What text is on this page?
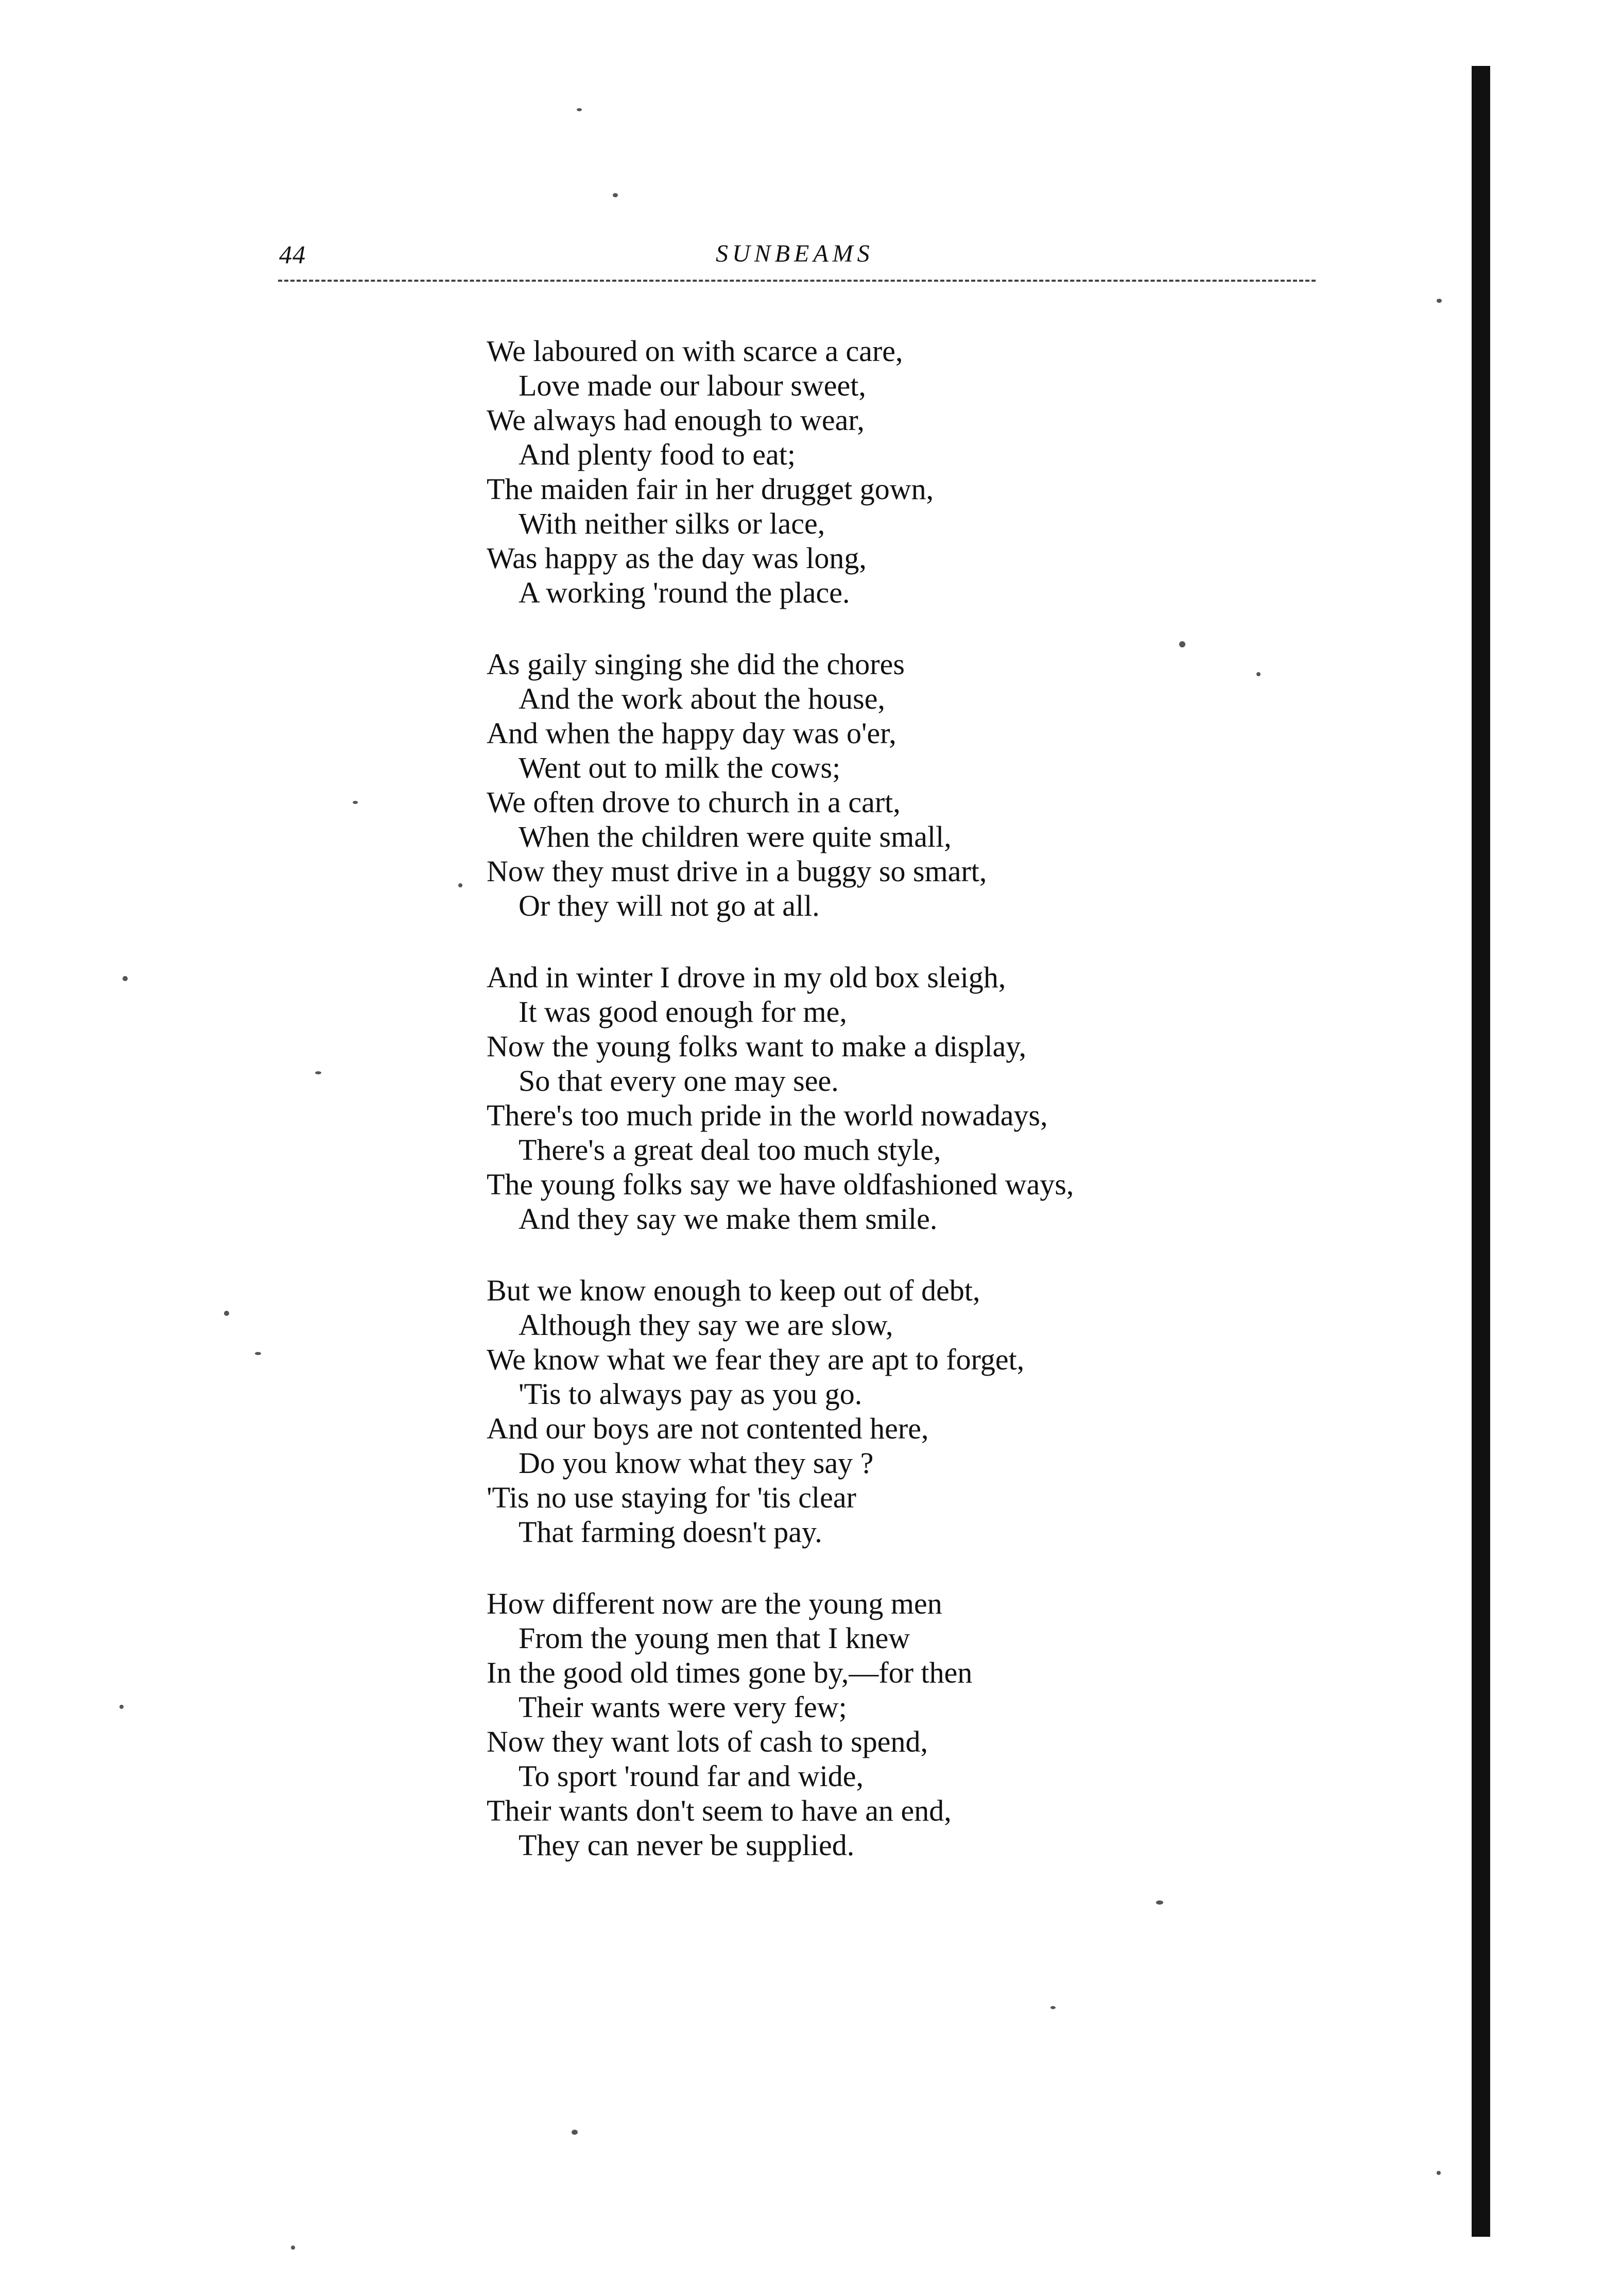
44	SUNBEAMS
We laboured on with scarce a care,
Love made our labour sweet,
We always had enough to wear,
And plenty food to eat;
The maiden fair in her drugget gown,
With neither silks or lace,
Was happy as the day was long,
A working 'round the place.
As gaily singing she did the chores
And the work about the house,
And when the happy day was o'er,
Went out to milk the cows;
We often drove to church in a cart,
When the children were quite small,
Now they must drive in a buggy so smart,
Or they will not go at all.
And in winter I drove in my old box sleigh,
It was good enough for me,
Now the young folks want to make a display,
So that every one may see.
There's too much pride in the world nowadays,
There's a great deal too much style,
The young folks say we have oldfashioned ways,
And they say we make them smile.
But we know enough to keep out of debt,
Although they say we are slow,
We know what we fear they are apt to forget,
'Tis to always pay as you go.
And our boys are not contented here,
Do you know what they say ?
'Tis no use staying for 'tis clear
That farming doesn't pay.
How different now are the young men
From the young men that I knew
In the good old times gone by,—for then
Their wants were very few;
Now they want lots of cash to spend,
To sport 'round far and wide,
Their wants don't seem to have an end,
They can never be supplied.
